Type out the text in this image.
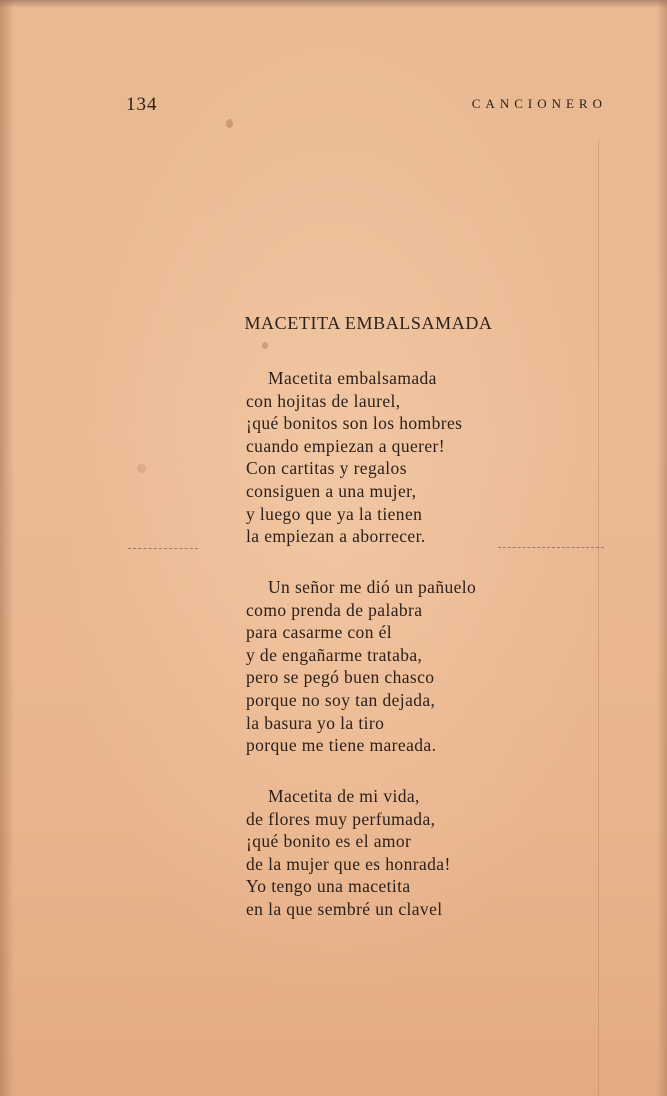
134	CANCIONERO
MACETITA EMBALSAMADA
Macetita embalsamada
con hojitas de laurel,
¡qué bonitos son los hombres
cuando empiezan a querer!
Con cartitas y regalos
consiguen a una mujer,
y luego que ya la tienen
la empiezan a aborrecer.
Un señor me dió un pañuelo
como prenda de palabra
para casarme con él
y de engañarme trataba,
pero se pegó buen chasco
porque no soy tan dejada,
la basura yo la tiro
porque me tiene mareada.
Macetita de mi vida,
de flores muy perfumada,
¡qué bonito es el amor
de la mujer que es honrada!
Yo tengo una macetita
en la que sembré un clavel
